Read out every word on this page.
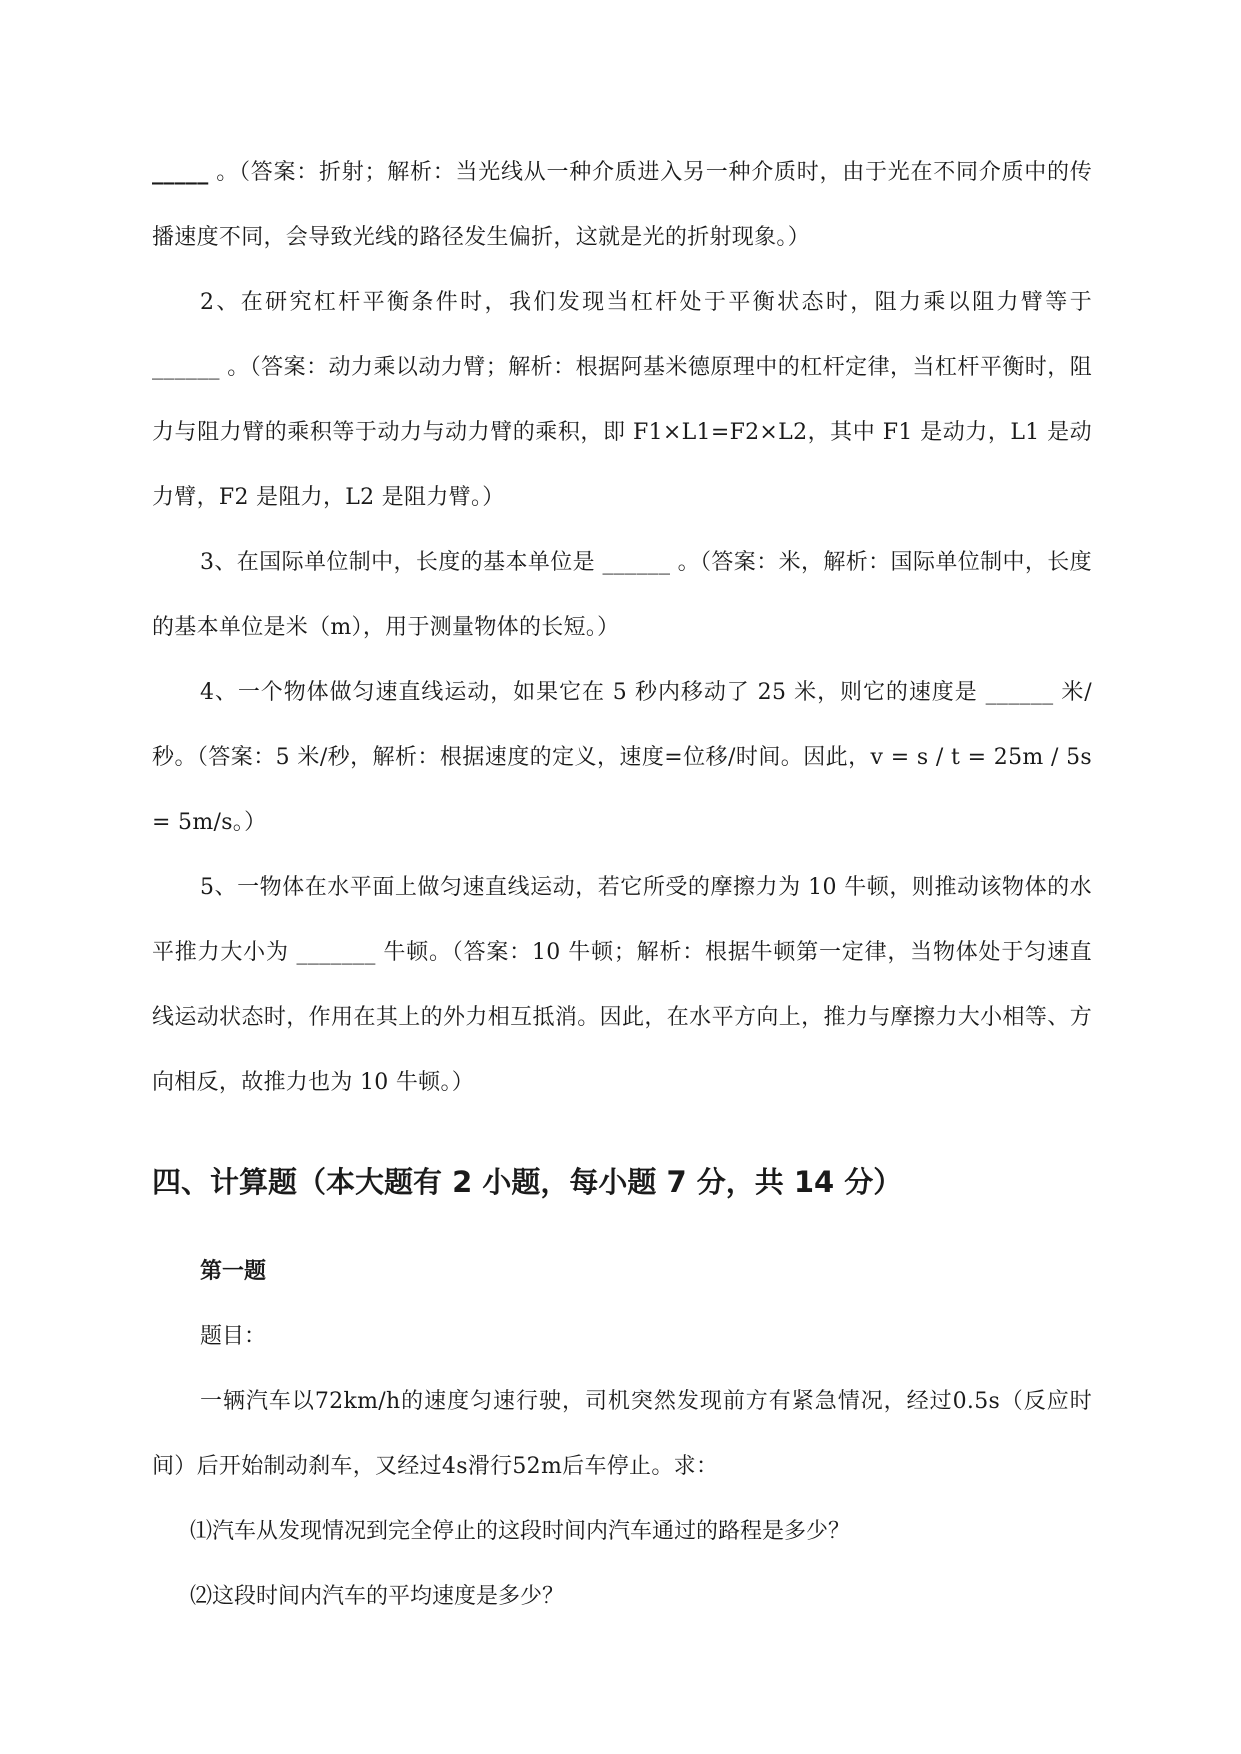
_____ 。（答案：折射；解析：当光线从一种介质进入另一种介质时，由于光在不同介质中的传播速度不同，会导致光线的路径发生偏折，这就是光的折射现象。）

2、在研究杠杆平衡条件时，我们发现当杠杆处于平衡状态时，阻力乘以阻力臂等于 ______ 。（答案：动力乘以动力臂；解析：根据阿基米德原理中的杠杆定律，当杠杆平衡时，阻力与阻力臂的乘积等于动力与动力臂的乘积，即 F1×L1=F2×L2，其中 F1 是动力，L1 是动力臂，F2 是阻力，L2 是阻力臂。）

3、在国际单位制中，长度的基本单位是 ______ 。（答案：米，解析：国际单位制中，长度的基本单位是米（m），用于测量物体的长短。）

4、一个物体做匀速直线运动，如果它在 5 秒内移动了 25 米，则它的速度是 ______ 米/秒。（答案：5 米/秒，解析：根据速度的定义，速度=位移/时间。因此，v = s / t = 25m / 5s = 5m/s。）

5、一物体在水平面上做匀速直线运动，若它所受的摩擦力为 10 牛顿，则推动该物体的水平推力大小为 _______ 牛顿。（答案：10 牛顿；解析：根据牛顿第一定律，当物体处于匀速直线运动状态时，作用在其上的外力相互抵消。因此，在水平方向上，推力与摩擦力大小相等、方向相反，故推力也为 10 牛顿。）

四、计算题（本大题有 2 小题，每小题 7 分，共 14 分）

第一题

题目：

一辆汽车以72km/h的速度匀速行驶，司机突然发现前方有紧急情况，经过0.5s（反应时间）后开始制动刹车，又经过4s滑行52m后车停止。求：

⑴汽车从发现情况到完全停止的这段时间内汽车通过的路程是多少？

⑵这段时间内汽车的平均速度是多少？
